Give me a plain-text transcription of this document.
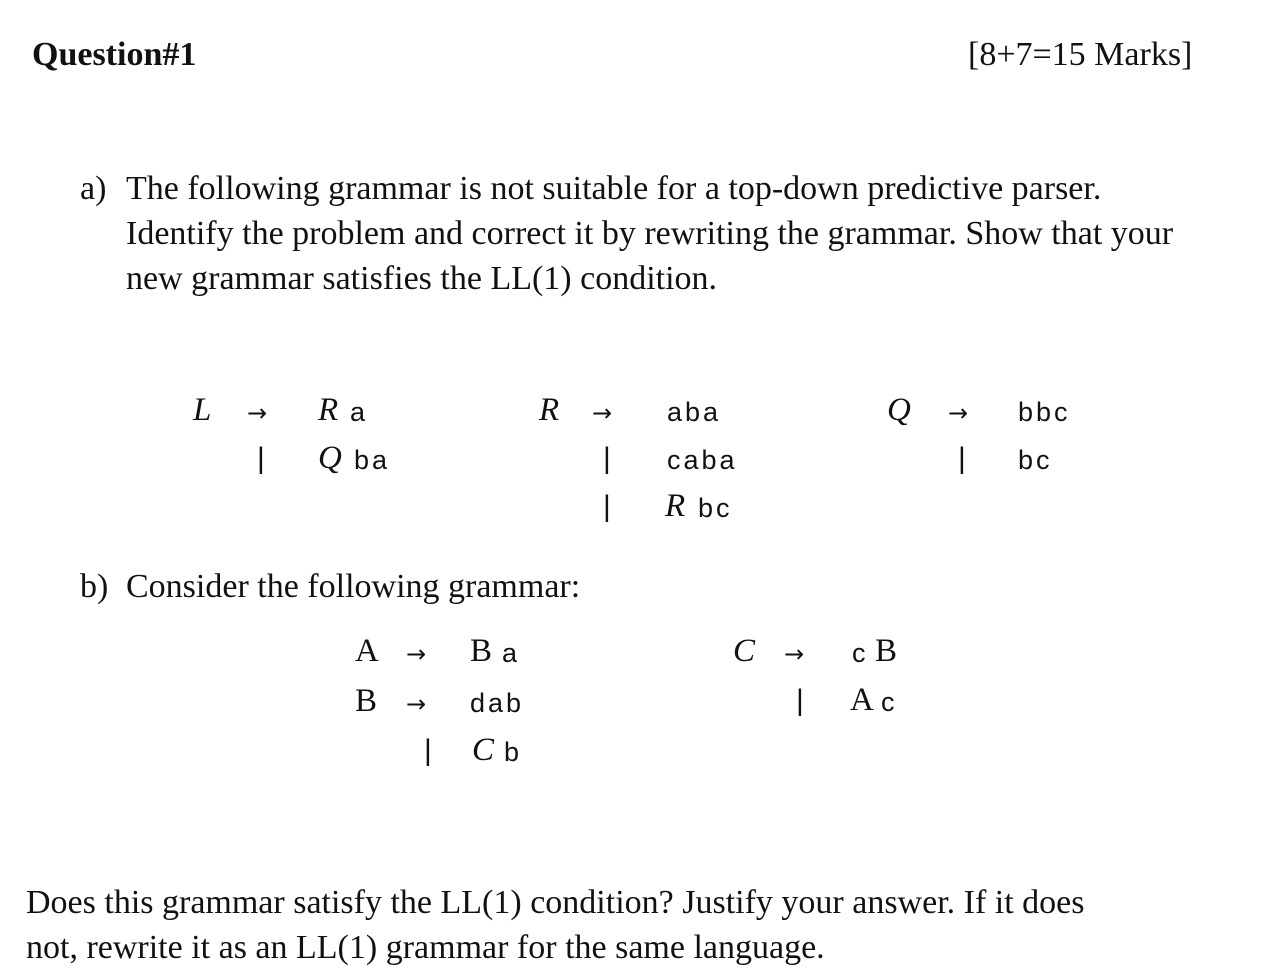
Question#1	[8+7=15 Marks]
a) The following grammar is not suitable for a top-down predictive parser.
Identify the problem and correct it by rewriting the grammar. Show that your
new grammar satisfies the LL(1) condition.
L → R a
| Q ba
R → aba
| caba
| R bc
Q → bbc
| bc
b) Consider the following grammar:
A → B a
B → dab
| C b
C → c B
| A c
Does this grammar satisfy the LL(1) condition? Justify your answer. If it does
not, rewrite it as an LL(1) grammar for the same language.
